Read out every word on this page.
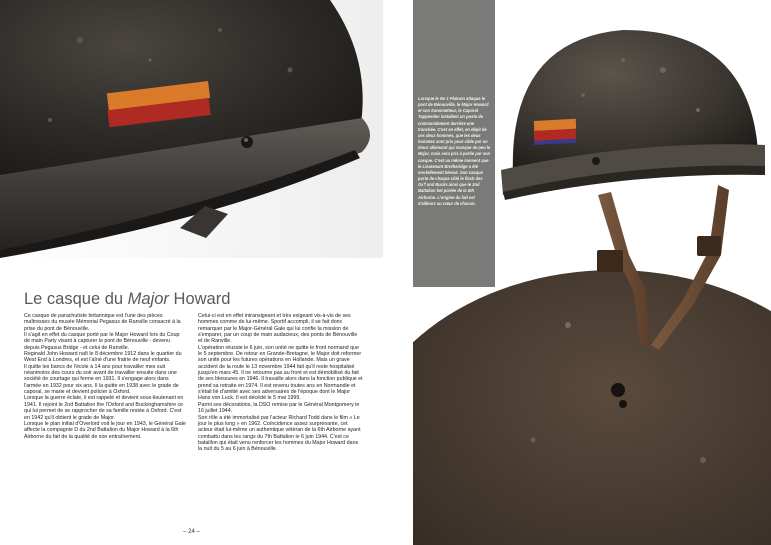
Le casque du Major Howard

Ce casque de parachutiste britannique est l'une des pièces maîtresses du musée Mémorial Pegasus de Ranville consacré à la prise du pont de Bénouville.

Il s'agit en effet du casque porté par le Major Howard lors du Coup de main Party visant à capturer le pont de Bénouville - devenu depuis Pegasus Bridge - et celui de Ranville.

Reginald John Howard naît le 8 décembre 1912 dans le quartier du West End à Londres, et est l'aîné d'une fratrie de neuf enfants.

Il quitte les bancs de l'école à 14 ans pour travailler mes suit néanmoins des cours du soir avant de travailler ensuite dans une société de courtage qui ferme en 1931. Il s'engage alors dans l'armée en 1932 pour six ans. Il la quitte en 1938 avec le grade de caporal, se marie et devient policier à Oxford.

Lorsque la guerre éclate, il est rappelé et devient sous-lieutenant en 1941. Il rejoint le 2nd Battalion the l'Oxford and Buckinghamshire ce qui lui permet de se rapprocher de sa famille restée à Oxford. C'est en 1942 qu'il obtient le grade de Major.

Lorsque le plan initial d'Overlord voit le jour en 1943, le Général Gale affecte la compagnie D du 2nd Battalion du Major Howard à la 6th Airborne du fait de la qualité de son entraînement.

Celui-ci est en effet intransigeant et très exigeant vis-à-vis de ses hommes comme de lui-même. Sportif accompli, il se fait donc remarquer par le Major-Général Gale qui lui confie la mission de s'emparer, par un coup de main audacieux, des ponts de Bénouville et de Ranville.

L'opération réussie le 6 juin, son unité ne quitte le front normand que le 5 septembre. De retour en Grande-Bretagne, le Major doit reformer son unité pour les futures opérations en Hollande. Mais un grave accident de la route le 13 novembre 1944 fait qu'il reste hospitalisé jusqu'en mars 45. Il ne retourne pas au front et est démobilisé du fait de ses blessures en 1946. Il travaille alors dans la fonction publique et prend sa retraite en 1974. Il est revenu toutes ans en Normandie et s'était lié d'amitié avec ses adversaires de l'époque dont le Major Hans von Luck. Il est décédé le 5 mai 1999.

Parmi ses décorations, la DSO remise par le Général Montgomery le 16 juillet 1944.

Son rôle a été immortalisé par l'acteur Richard Todd dans le film « Le jour le plus long » en 1962. Coïncidence assez surprenante, cet acteur était lui-même un authentique vétéran de la 6th Airborne ayant combattu dans les rangs du 7th Battalion le 6 juin 1944. C'est ce bataillon qui était venu renforcer les hommes du Major Howard dans la nuit du 5 au 6 juin à Bénouville.

– 24 –
Lorsque le No 1 Platoon attaque le pont de Bénouville, le Major Howard et son transmetteur, le Caporal Tappenden installent un poste de commandement derrière une tranchée. C'est en effet, en dépit de ces deux hommes, que les deux hommes sont pris pour cible par un tireur allemand qui manque de peu le Major, mais sera pris à partie par son casque. C'est au même moment que le Lieutenant Brotheridge a été mortellement blessé. Son casque porte de chaque côté le flash des Ox'f and Bucks ainsi que le 2nd Battalion bel portée de la 6th Airborne. L'origine du fait est d'ailleurs au cœur de chacun.
